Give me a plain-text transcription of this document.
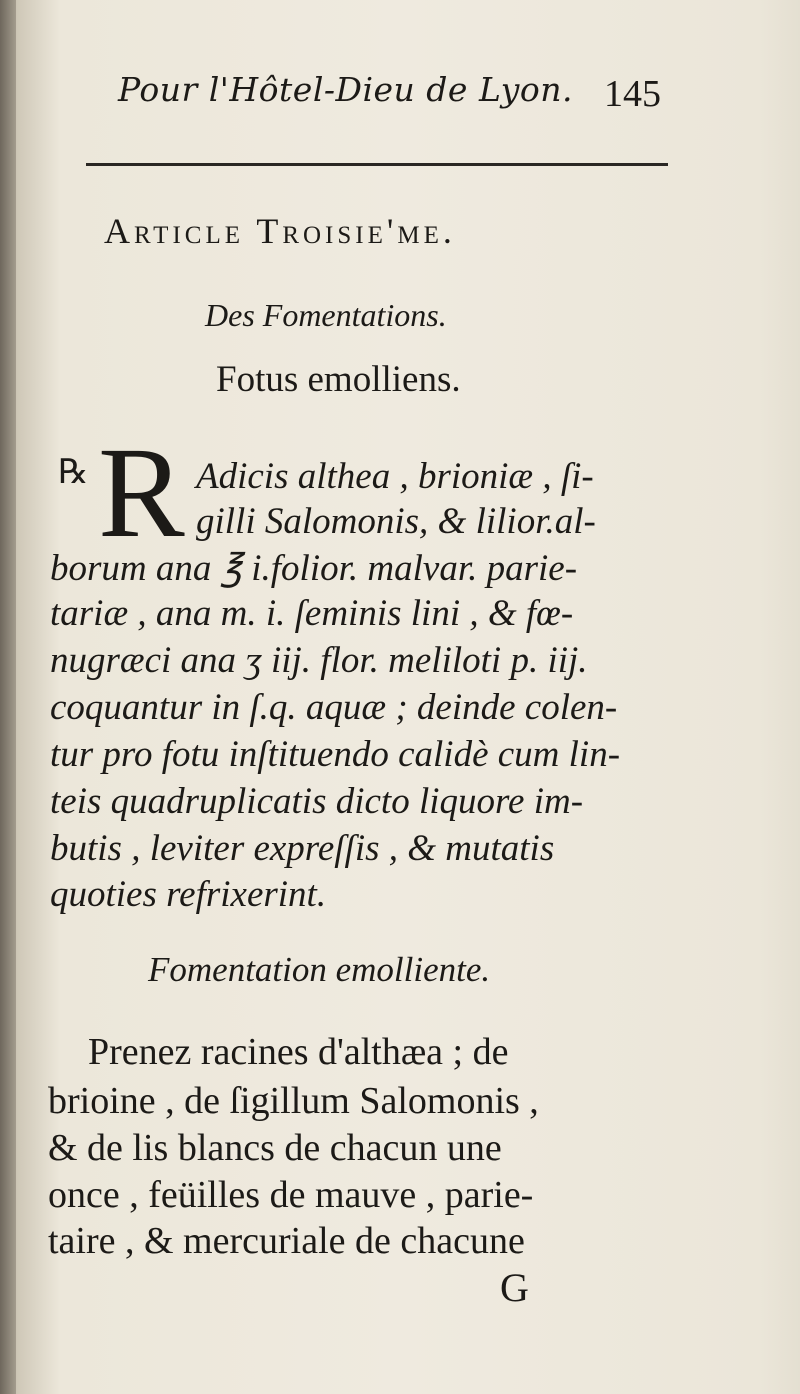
Pour l'Hôtel-Dieu de Lyon. 145
Article Troisie'me.
Des Fomentations.
Fotus emolliens.
℞ R Adicis althea , brioniæ , ſi-
gilli Salomonis, & lilior.al-
borum ana ℥ i.folior. malvar. parie-
tariæ , ana m. i. ſeminis lini , & fœ-
nugræci ana ʒ iij. flor. meliloti p. iij.
coquantur in ſ.q. aquæ ; deinde colen-
tur pro fotu inſtituendo calidè cum lin-
teis quadruplicatis dicto liquore im-
butis , leviter expreſſis , & mutatis
quoties refrixerint.
Fomentation emolliente.
Prenez racines d'althæa ; de
brioine , de ſigillum Salomonis ,
& de lis blancs de chacun une
once , feüilles de mauve , parie-
taire , & mercuriale de chacune
G
